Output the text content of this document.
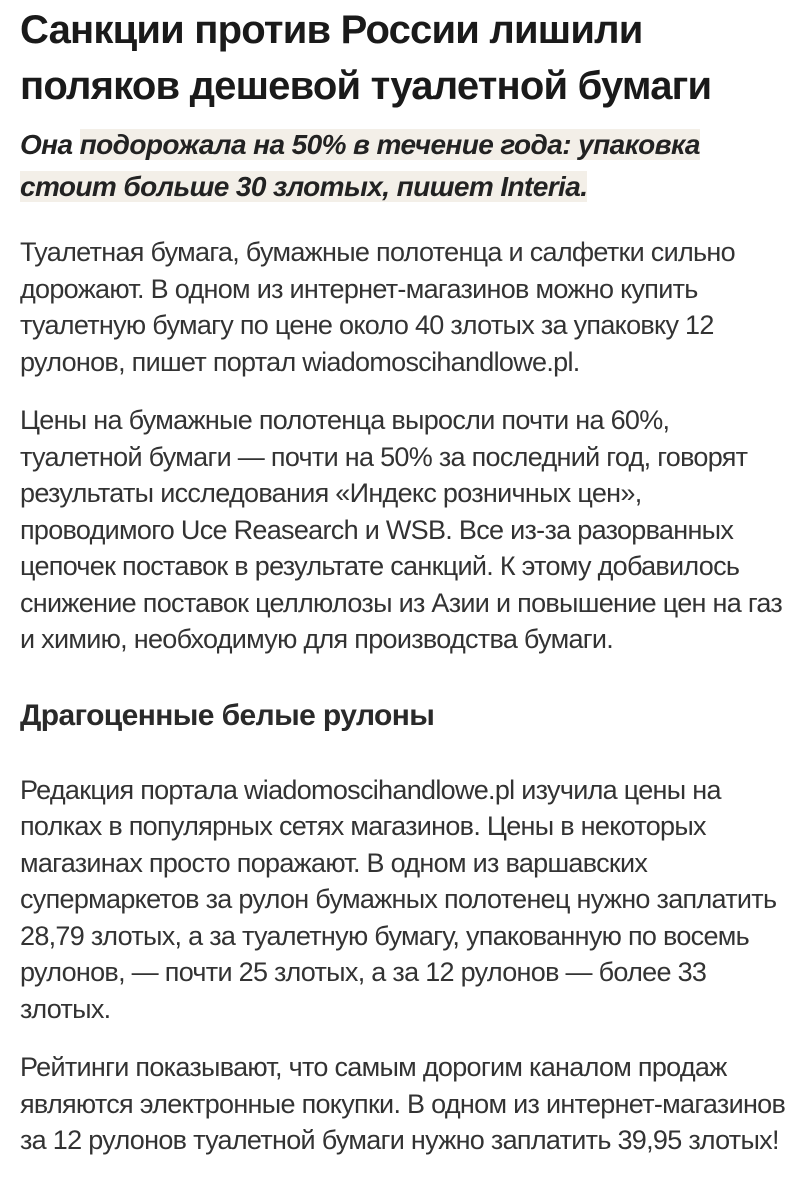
Санкции против России лишили поляков дешевой туалетной бумаги

Она подорожала на 50% в течение года: упаковка стоит больше 30 злотых, пишет Interia.

Туалетная бумага, бумажные полотенца и салфетки сильно дорожают. В одном из интернет-магазинов можно купить туалетную бумагу по цене около 40 злотых за упаковку 12 рулонов, пишет портал wiadomoscihandlowe.pl.

Цены на бумажные полотенца выросли почти на 60%, туалетной бумаги — почти на 50% за последний год, говорят результаты исследования «Индекс розничных цен», проводимого Uce Reasearch и WSB. Все из-за разорванных цепочек поставок в результате санкций. К этому добавилось снижение поставок целлюлозы из Азии и повышение цен на газ и химию, необходимую для производства бумаги.

Драгоценные белые рулоны

Редакция портала wiadomoscihandlowe.pl изучила цены на полках в популярных сетях магазинов. Цены в некоторых магазинах просто поражают. В одном из варшавских супермаркетов за рулон бумажных полотенец нужно заплатить 28,79 злотых, а за туалетную бумагу, упакованную по восемь рулонов, — почти 25 злотых, а за 12 рулонов — более 33 злотых.

Рейтинги показывают, что самым дорогим каналом продаж являются электронные покупки. В одном из интернет-магазинов за 12 рулонов туалетной бумаги нужно заплатить 39,95 злотых!
